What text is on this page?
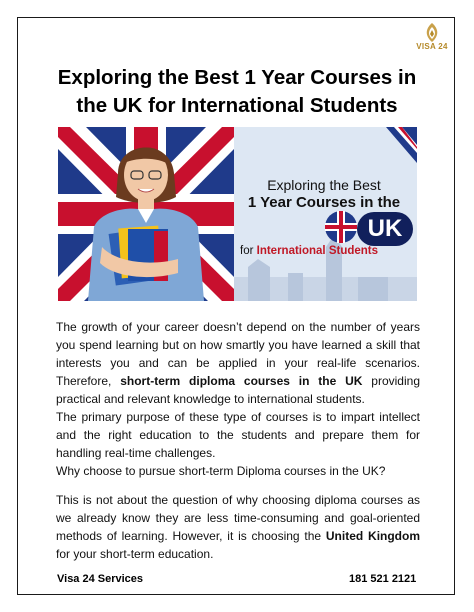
VISA 24
Exploring the Best 1 Year Courses in the UK for International Students
Exploring the Best
1 Year Courses in the
UK
for International Students

The growth of your career doesn’t depend on the number of years you spend learning but on how smartly you have learned a skill that interests you and can be applied in your real-life scenarios. Therefore, short-term diploma courses in the UK providing practical and relevant knowledge to international students.

The primary purpose of these type of courses is to impart intellect and the right education to the students and prepare them for handling real-time challenges.

Why choose to pursue short-term Diploma courses in the UK?

This is not about the question of why choosing diploma courses as we already know they are less time-consuming and goal-oriented methods of learning. However, it is choosing the United Kingdom for your short-term education.

Visa 24 Services	181 521 2121
